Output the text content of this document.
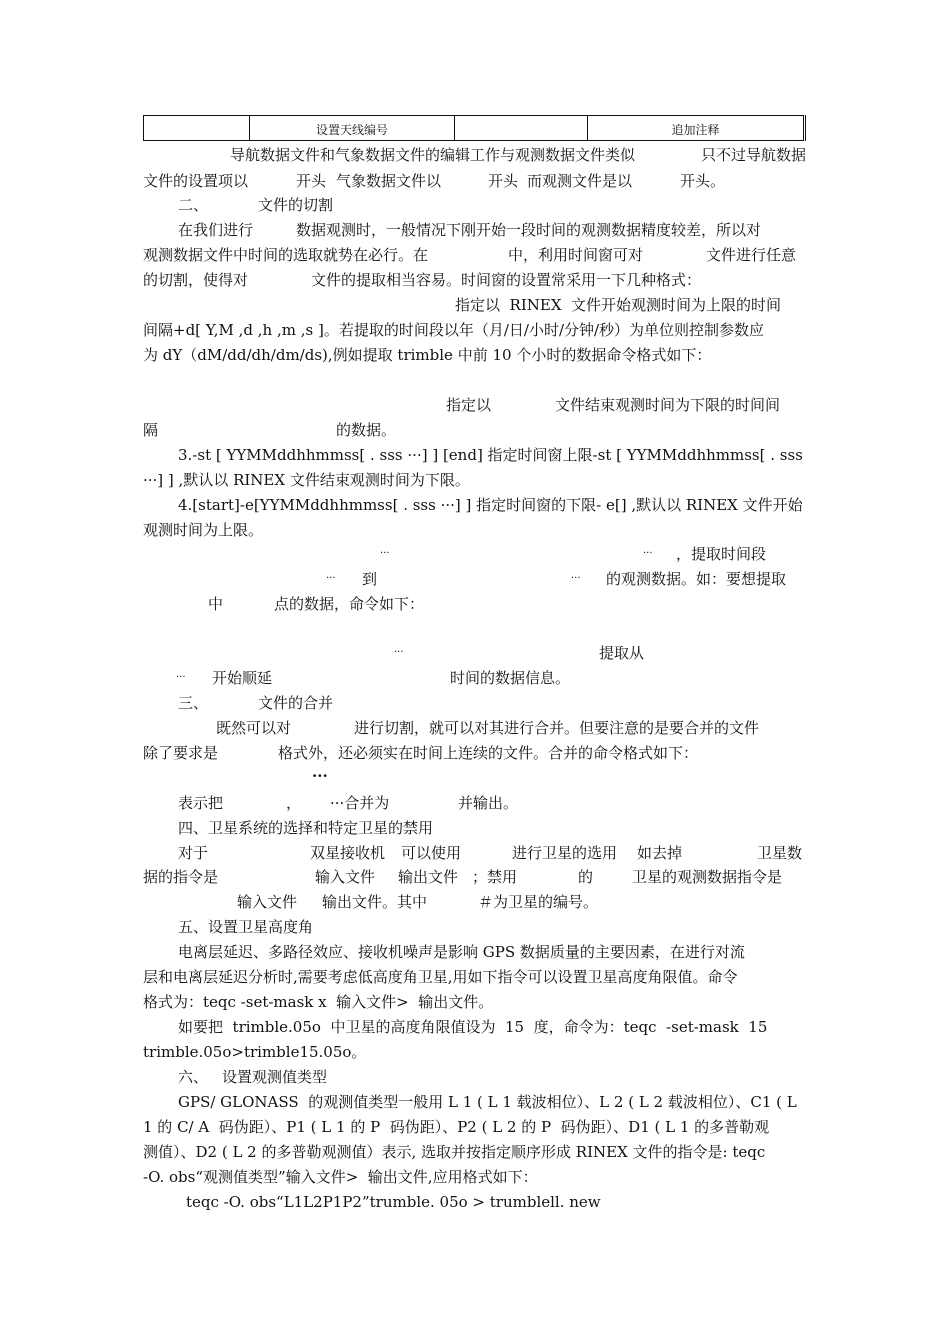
	设置天线编号		追加注释
导航数据文件和气象数据文件的编辑工作与观测数据文件类似	只不过导航数据
文件的设置项以	开头 气象数据文件以	开头 而观测文件是以	开头。
二、	文件的切割
在我们进行	数据观测时，一般情况下刚开始一段时间的观测数据精度较差，所以对
观测数据文件中时间的选取就势在必行。在	中，利用时间窗可对	文件进行任意
的切割，使得对	文件的提取相当容易。时间窗的设置常采用一下几种格式：
指定以  RINEX  文件开始观测时间为上限的时间
间隔+d[ Y,M ,d ,h ,m ,s ]。若提取的时间段以年（月/日/小时/分钟/秒）为单位则控制参数应
为 dY（dM/dd/dh/dm/ds),例如提取 trimble 中前 10 个小时的数据命令格式如下：
指定以	文件结束观测时间为下限的时间间
隔	的数据。
3.-st [ YYMMddhhmmss[ . sss ···] ] [end] 指定时间窗上限-st [ YYMMddhhmmss[ . sss
···] ] ,默认以 RINEX 文件结束观测时间为下限。
4.[start]-e[YYMMddhhmmss[ . sss ···] ] 指定时间窗的下限- e[] ,默认以 RINEX 文件开始
观测时间为上限。
···	··· ，提取时间段
··· 到	··· 的观测数据。如：要想提取
中	点的数据，命令如下：
···	提取从
··· 开始顺延	时间的数据信息。
三、	文件的合并
既然可以对	进行切割，就可以对其进行合并。但要注意的是要合并的文件
除了要求是	格式外，还必须实在时间上连续的文件。合并的命令格式如下：
···
表示把	， ···合并为	并输出。
四、卫星系统的选择和特定卫星的禁用
对于	双星接收机 可以使用	进行卫星的选用 如去掉	卫星数
据的指令是	输入文件 输出文件 ；禁用	的	卫星的观测数据指令是
输入文件 输出文件。其中	＃为卫星的编号。
五、设置卫星高度角
电离层延迟、多路径效应、接收机噪声是影响 GPS 数据质量的主要因素，在进行对流
层和电离层延迟分析时,需要考虑低高度角卫星,用如下指令可以设置卫星高度角限值。命令
格式为：teqc -set-mask x  输入文件>  输出文件。
如要把  trimble.05o  中卫星的高度角限值设为  15  度，命令为：teqc  -set-mask  15
trimble.05o>trimble15.05o。
六、 设置观测值类型
GPS/ GLONASS  的观测值类型一般用 L 1 ( L 1 载波相位）、L 2 ( L 2 载波相位）、C1 ( L
1 的 C/ A  码伪距）、P1 ( L 1 的 P  码伪距）、P2 ( L 2 的 P  码伪距）、D1 ( L 1 的多普勒观
测值）、D2 ( L 2 的多普勒观测值）表示, 选取并按指定顺序形成 RINEX 文件的指令是: teqc
-O. obs“观测值类型”输入文件>  输出文件,应用格式如下：
teqc -O. obs“L1L2P1P2”trumble. 05o > trumblell. new
